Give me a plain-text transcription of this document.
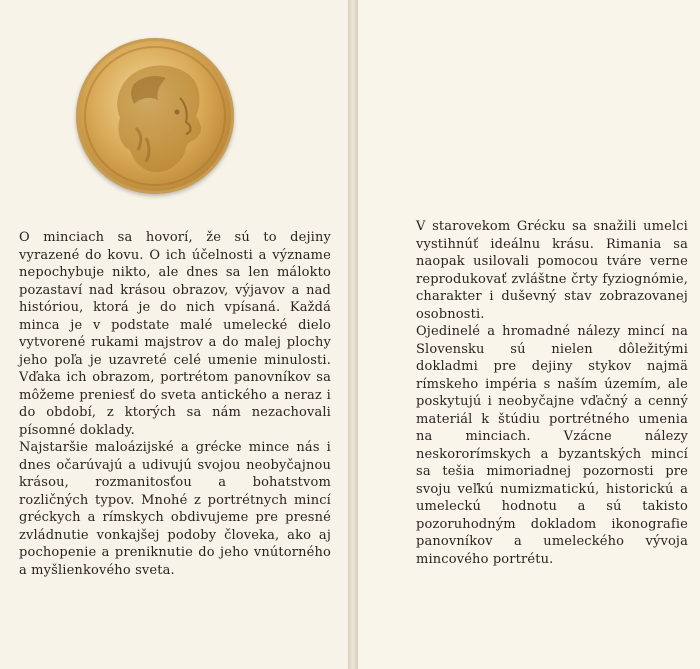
O minciach sa hovorí, že sú to dejiny vyrazené do kovu. O ich účelnosti a význame nepochybuje nikto, ale dnes sa len málokto pozastaví nad krásou obrazov, výjavov a nad históriou, ktorá je do nich vpísaná. Každá minca je v podstate malé umelecké dielo vytvorené rukami majstrov a do malej plochy jeho poľa je uzavreté celé umenie minulosti. Vďaka ich obrazom, portrétom panovníkov sa môžeme preniesť do sveta antického a neraz i do období, z ktorých sa nám nezachovali písomné doklady.

Najstaršie maloázijské a grécke mince nás i dnes očarúvajú a udivujú svojou neobyčajnou krásou, rozmanitosťou a bohatstvom rozličných typov. Mnohé z portrétnych mincí gréckych a rímskych obdivujeme pre presné zvládnutie vonkajšej podoby človeka, ako aj pochopenie a preniknutie do jeho vnútorného a myšlienkového sveta.

V starovekom Grécku sa snažili umelci vystihnúť ideálnu krásu. Rimania sa naopak usilovali pomocou tváre verne reprodukovať zvláštne črty fyziognómie, charakter i duševný stav zobrazovanej osobnosti.

Ojedinelé a hromadné nálezy mincí na Slovensku sú nielen dôležitými dokladmi pre dejiny stykov najmä rímskeho impéria s naším územím, ale poskytujú i neobyčajne vďačný a cenný materiál k štúdiu portrétného umenia na minciach. Vzácne nálezy neskororímskych a byzantských mincí sa tešia mimoriadnej pozornosti pre svoju veľkú numizmatickú, historickú a umeleckú hodnotu a sú takisto pozoruhodným dokladom ikonografie panovníkov a umeleckého vývoja mincového portrétu.
